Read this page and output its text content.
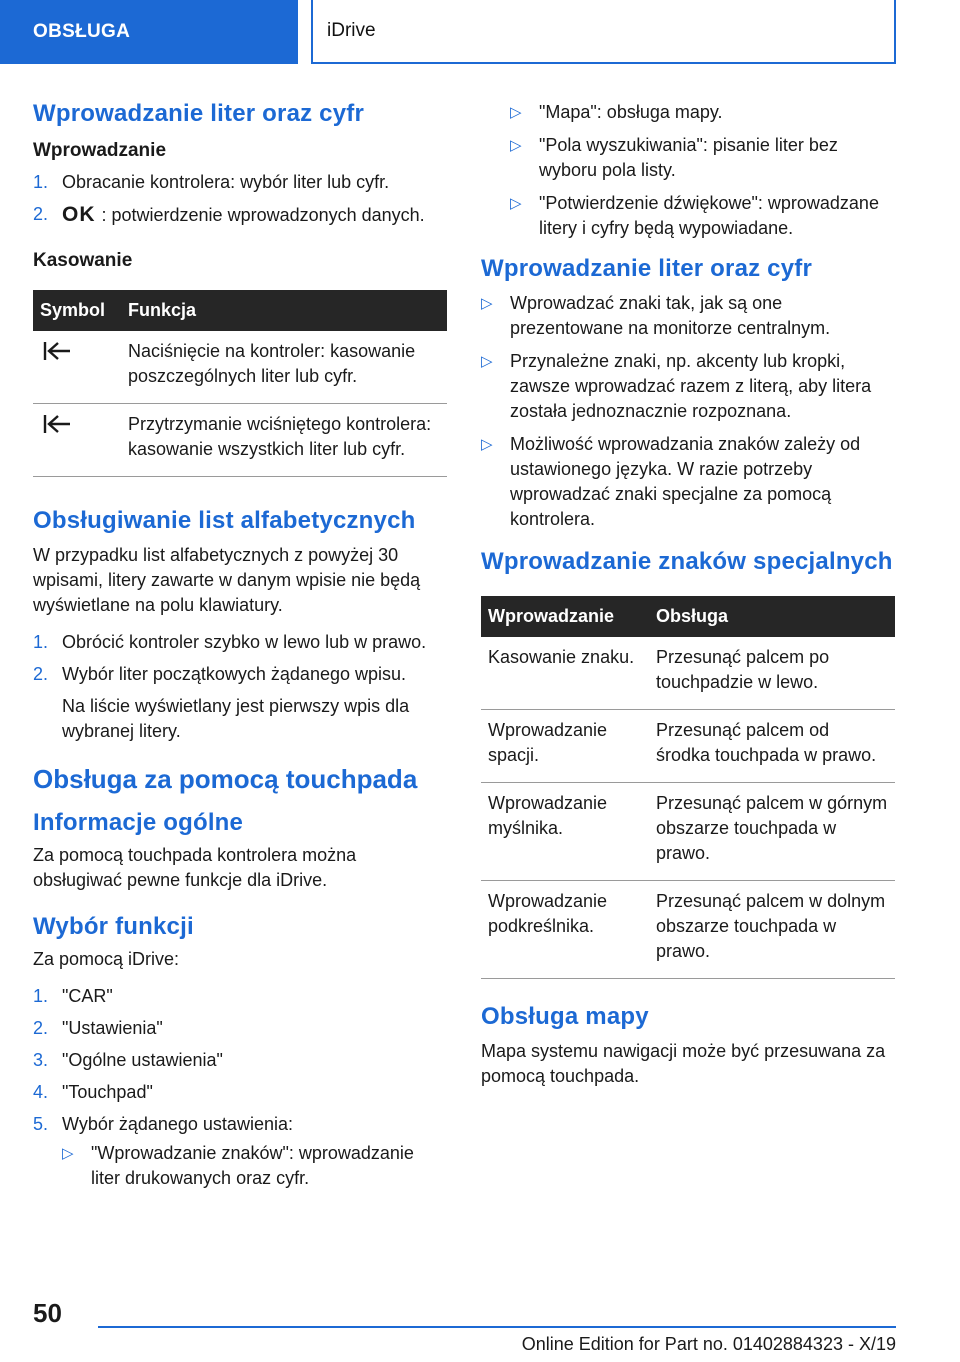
OBSŁUGA	iDrive
Wprowadzanie liter oraz cyfr
Wprowadzanie
1. Obracanie kontrolera: wybór liter lub cyfr.
2. OK : potwierdzenie wprowadzonych danych.
Kasowanie
Symbol	Funkcja
	Naciśnięcie na kontroler: kasowanie poszczególnych liter lub cyfr.
	Przytrzymanie wciśniętego kontrolera: kasowanie wszystkich liter lub cyfr.
Obsługiwanie list alfabetycznych

W przypadku list alfabetycznych z powyżej 30 wpisami, litery zawarte w danym wpisie nie będą wyświetlane na polu klawiatury.

1. Obrócić kontroler szybko w lewo lub w prawo.
2. Wybór liter początkowych żądanego wpisu.

Na liście wyświetlany jest pierwszy wpis dla wybranej litery.

Obsługa za pomocą touchpada
Informacje ogólne

Za pomocą touchpada kontrolera można obsługiwać pewne funkcje dla iDrive.

Wybór funkcji

Za pomocą iDrive:

1. "CAR"
2. "Ustawienia"
3. "Ogólne ustawienia"
4. "Touchpad"
5. Wybór żądanego ustawienia:
▷ "Wprowadzanie znaków": wprowadzanie liter drukowanych oraz cyfr.
▷ "Mapa": obsługa mapy.
▷ "Pola wyszukiwania": pisanie liter bez wyboru pola listy.
▷ "Potwierdzenie dźwiękowe": wprowadzane litery i cyfry będą wypowiadane.
Wprowadzanie liter oraz cyfr
▷ Wprowadzać znaki tak, jak są one prezentowane na monitorze centralnym.
▷ Przynależne znaki, np. akcenty lub kropki, zawsze wprowadzać razem z literą, aby litera została jednoznacznie rozpoznana.
▷ Możliwość wprowadzania znaków zależy od ustawionego języka. W razie potrzeby wprowadzać znaki specjalne za pomocą kontrolera.
Wprowadzanie znaków specjalnych
Wprowadzanie	Obsługa
Kasowanie znaku.	Przesunąć palcem po touchpadzie w lewo.
Wprowadzanie spacji.	Przesunąć palcem od środka touchpada w prawo.
Wprowadzanie myślnika.	Przesunąć palcem w górnym obszarze touchpada w prawo.
Wprowadzanie podkreślnika.	Przesunąć palcem w dolnym obszarze touchpada w prawo.
Obsługa mapy

Mapa systemu nawigacji może być przesuwana za pomocą touchpada.

50
Online Edition for Part no. 01402884323 - X/19
